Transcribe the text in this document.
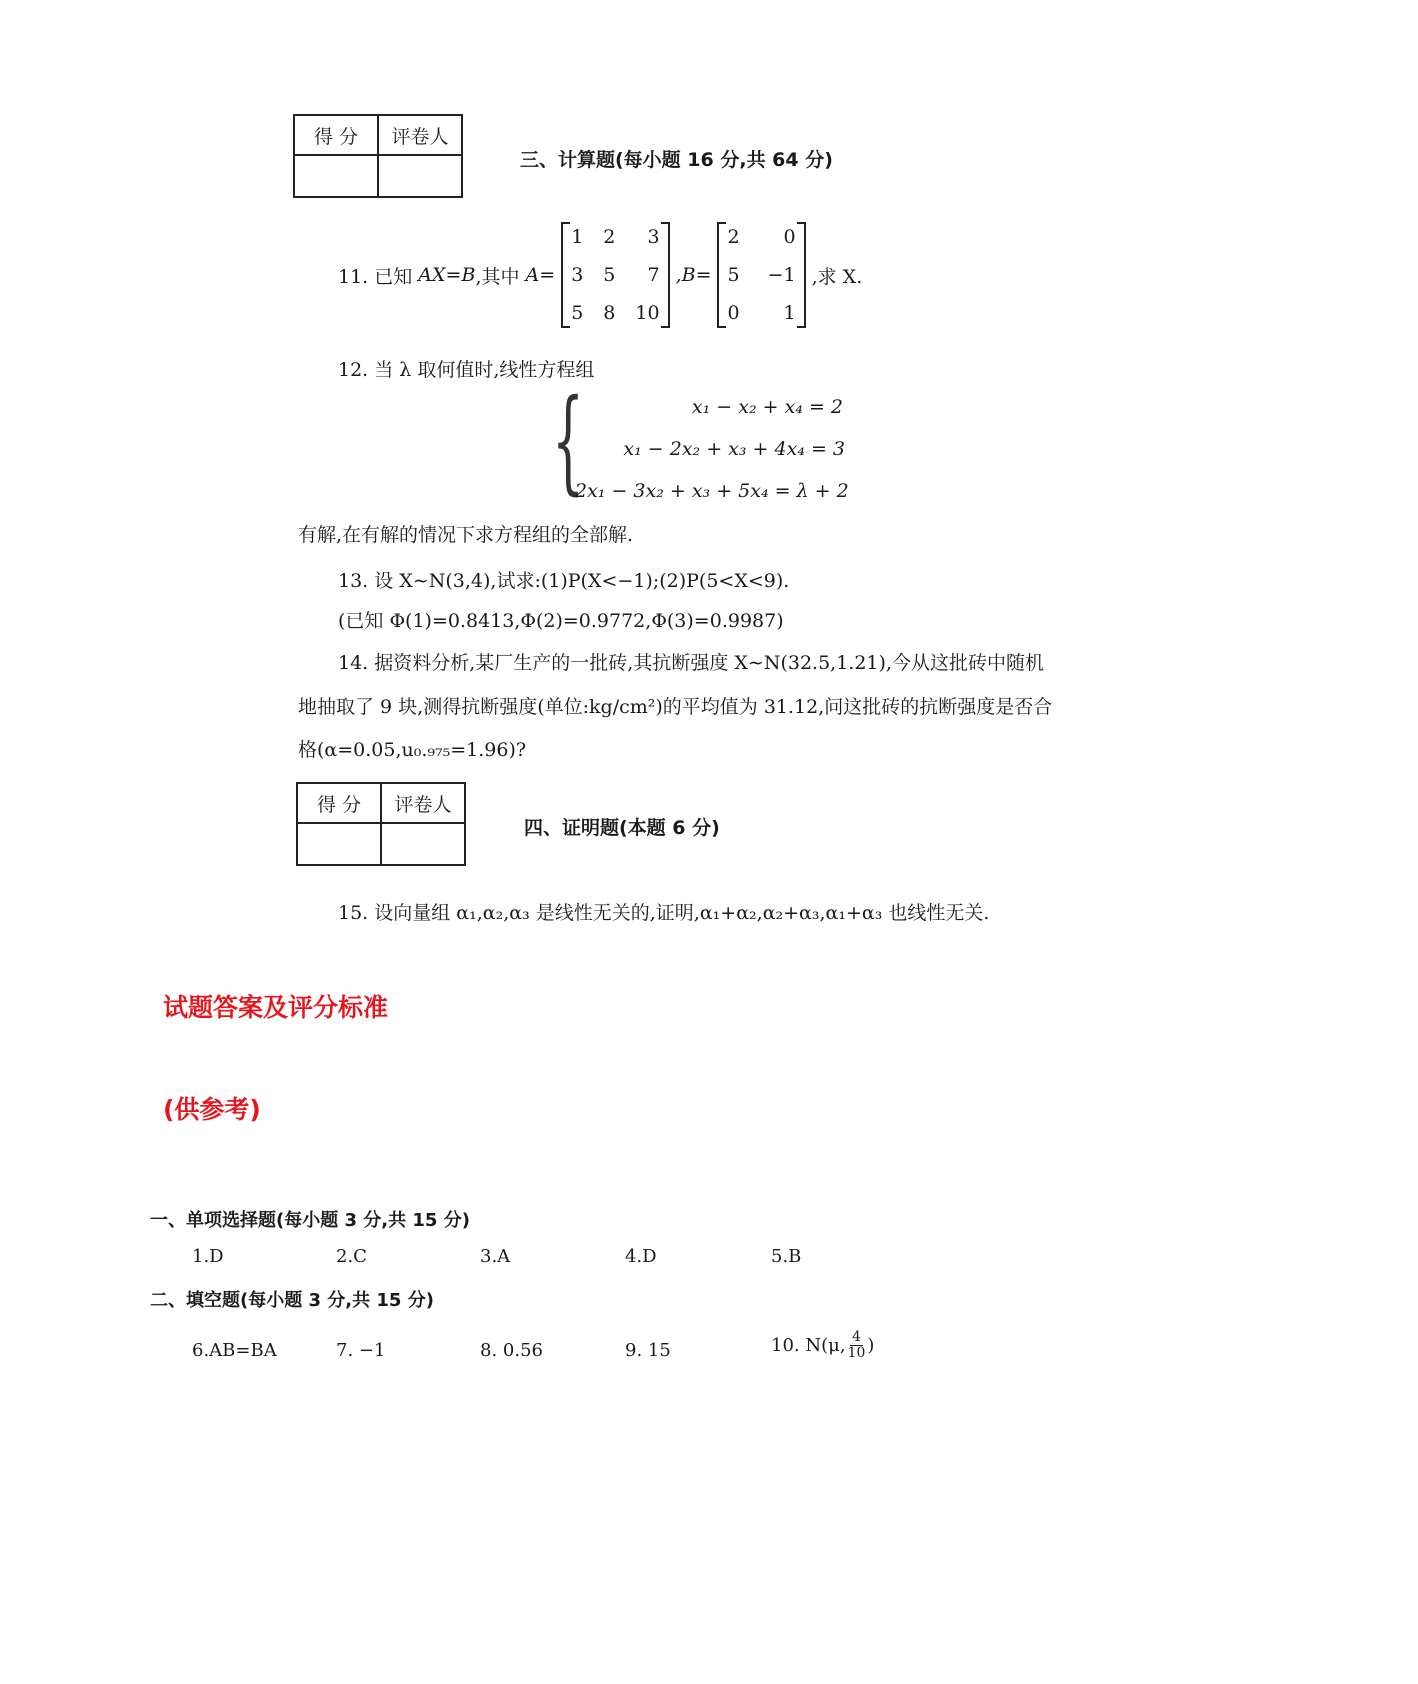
得 分	评卷人

三、计算题(每小题 16 分,共 64 分)
11. 已知 AX=B ,其中 A=
1 2	3
3 5	7
5 8 10
,B=
2	0
5 −1
0	1
,求 X.
12. 当 λ 取何值时,线性方程组
{	x₁ − x₂ + x₄ = 2
x₁ − 2x₂ + x₃ + 4x₄ = 3
2x₁ − 3x₂ + x₃ + 5x₄ = λ + 2
有解,在有解的情况下求方程组的全部解.
13. 设 X∼N(3,4),试求:(1)P(X<−1);(2)P(5<X<9).
(已知 Φ(1)=0.8413,Φ(2)=0.9772,Φ(3)=0.9987)
14. 据资料分析,某厂生产的一批砖,其抗断强度 X∼N(32.5,1.21),今从这批砖中随机
地抽取了 9 块,测得抗断强度(单位:kg/cm²)的平均值为 31.12,问这批砖的抗断强度是否合
格(α=0.05,u₀.₉₇₅=1.96)?
得 分	评卷人

四、证明题(本题 6 分)
15. 设向量组 α₁,α₂,α₃ 是线性无关的,证明,α₁+α₂,α₂+α₃,α₁+α₃ 也线性无关.
试题答案及评分标准
(供参考)
一、单项选择题(每小题 3 分,共 15 分)
1.D	2.C	3.A	4.D	5.B
二、填空题(每小题 3 分,共 15 分)
6.AB=BA	7. −1	8. 0.56	9. 15	10. N(μ, $\frac{4}{10}$ )
